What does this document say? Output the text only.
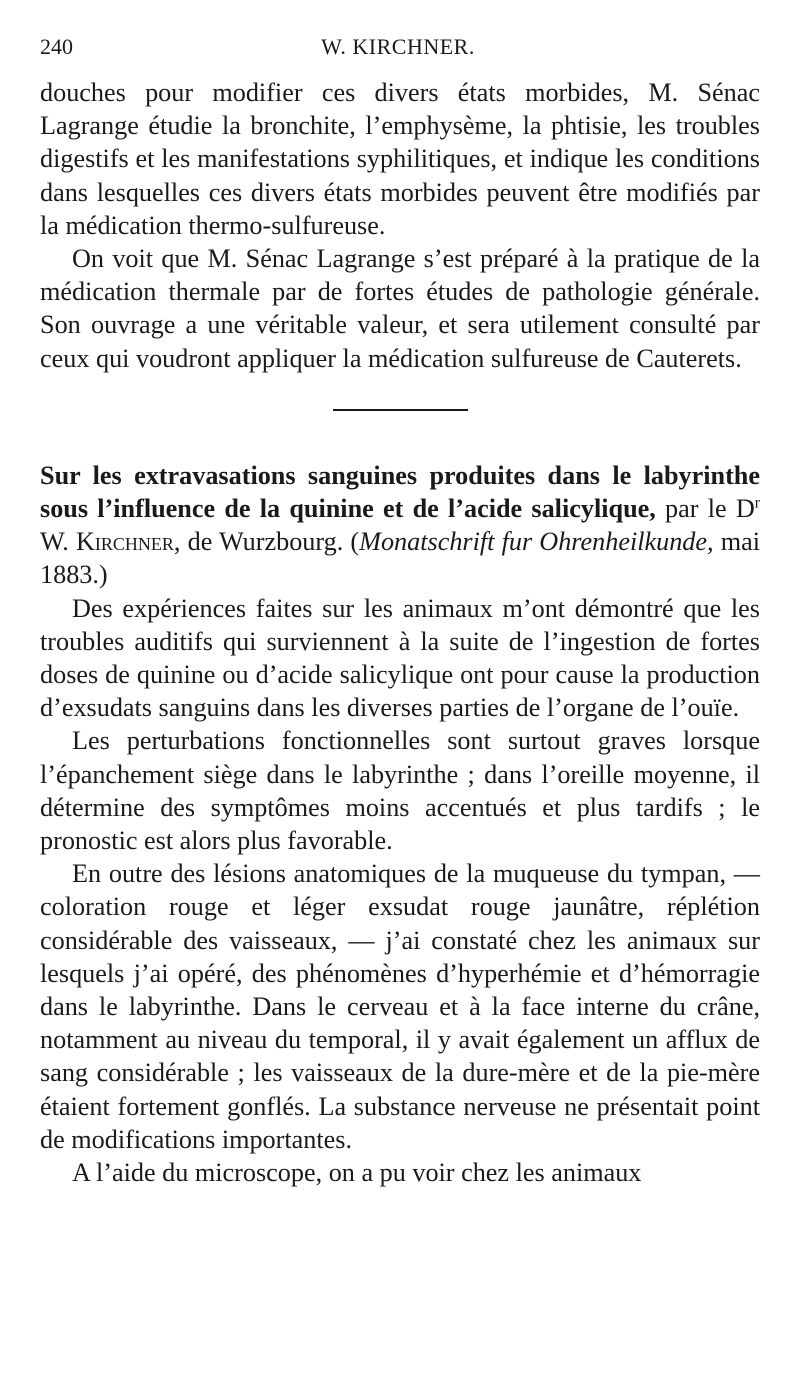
240	W. KIRCHNER.

douches pour modifier ces divers états morbides, M. Sénac Lagrange étudie la bronchite, l’emphysème, la phtisie, les troubles digestifs et les manifestations syphilitiques, et indique les conditions dans lesquelles ces divers états morbides peuvent être modifiés par la médication thermo-sulfureuse.

On voit que M. Sénac Lagrange s’est préparé à la pratique de la médication thermale par de fortes études de pathologie générale. Son ouvrage a une véritable valeur, et sera utilement consulté par ceux qui voudront appliquer la médication sulfureuse de Cauterets.

Sur les extravasations sanguines produites dans le labyrinthe sous l’influence de la quinine et de l’acide salicylique, par le $D^r$ W. Kirchner, de Wurzbourg. (Monatschrift fur Ohrenheilkunde, mai 1883.)

Des expériences faites sur les animaux m’ont démontré que les troubles auditifs qui surviennent à la suite de l’ingestion de fortes doses de quinine ou d’acide salicylique ont pour cause la production d’exsudats sanguins dans les diverses parties de l’organe de l’ouïe.

Les perturbations fonctionnelles sont surtout graves lorsque l’épanchement siège dans le labyrinthe ; dans l’oreille moyenne, il détermine des symptômes moins accentués et plus tardifs ; le pronostic est alors plus favorable.

En outre des lésions anatomiques de la muqueuse du tympan, — coloration rouge et léger exsudat rouge jaunâtre, réplétion considérable des vaisseaux, — j’ai constaté chez les animaux sur lesquels j’ai opéré, des phénomènes d’hyperhémie et d’hémorragie dans le labyrinthe. Dans le cerveau et à la face interne du crâne, notamment au niveau du temporal, il y avait également un afflux de sang considérable ; les vaisseaux de la dure-mère et de la pie-mère étaient fortement gonflés. La substance nerveuse ne présentait point de modifications importantes.

A l’aide du microscope, on a pu voir chez les animaux
